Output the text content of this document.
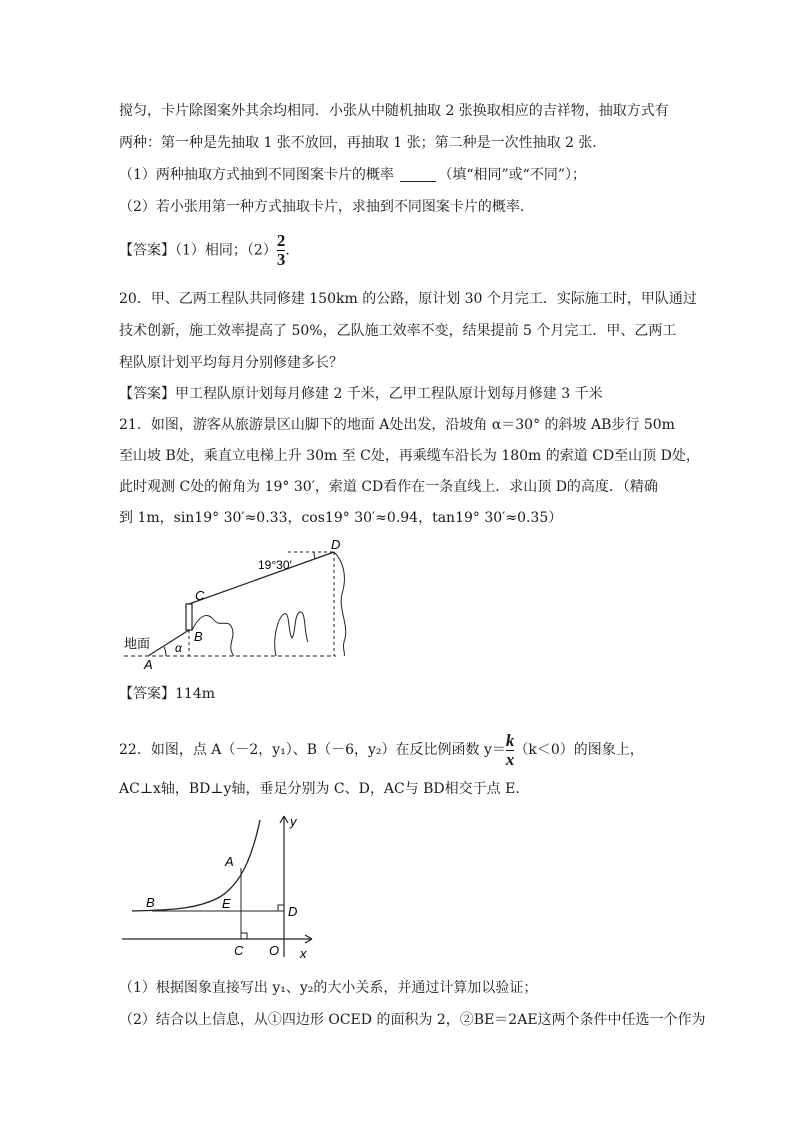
搅匀，卡片除图案外其余均相同．小张从中随机抽取 2 张换取相应的吉祥物，抽取方式有
两种：第一种是先抽取 1 张不放回，再抽取 1 张；第二种是一次性抽取 2 张．
（1）两种抽取方式抽到不同图案卡片的概率	（填“相同”或“不同”）；
（2）若小张用第一种方式抽取卡片，求抽到不同图案卡片的概率．
【答案】（1）相同；$(2) \frac{2}{3}$ .
20．甲、乙两工程队共同修建 150km 的公路，原计划 30 个月完工．实际施工时，甲队通过
技术创新，施工效率提高了 50%，乙队施工效率不变，结果提前 5 个月完工．甲、乙两工
程队原计划平均每月分别修建多长？
【答案】甲工程队原计划每月修建 2 千米，乙甲工程队原计划每月修建 3 千米
21．如图，游客从旅游景区山脚下的地面 A处出发，沿坡角 α＝30° 的斜坡 AB步行 50m
至山坡 B处，乘直立电梯上升 30m 至 C处，再乘缆车沿长为 180m 的索道 CD至山顶 D处，
此时观测 C处的俯角为 19° 30′，索道 CD看作在一条直线上．求山顶 D的高度．（精确
到 1m，sin19° 30′≈0.33，cos19° 30′≈0.94，tan19° 30′≈0.35）
19°30′
D
C
B
α
地面
A
【答案】114m
22．如图，点 A（－2，y₁）、B（－6，y₂）在反比例函数 $y= \frac{k}{x} (k<0)$的图象上，
AC⊥x轴，BD⊥y轴，垂足分别为 C、D，AC与 BD相交于点 E.
B
A
E
D
C O x
y
（1）根据图象直接写出 y₁、y₂的大小关系，并通过计算加以验证；
（2）结合以上信息，从①四边形 OCED 的面积为 2，②BE＝2AE这两个条件中任选一个作为
